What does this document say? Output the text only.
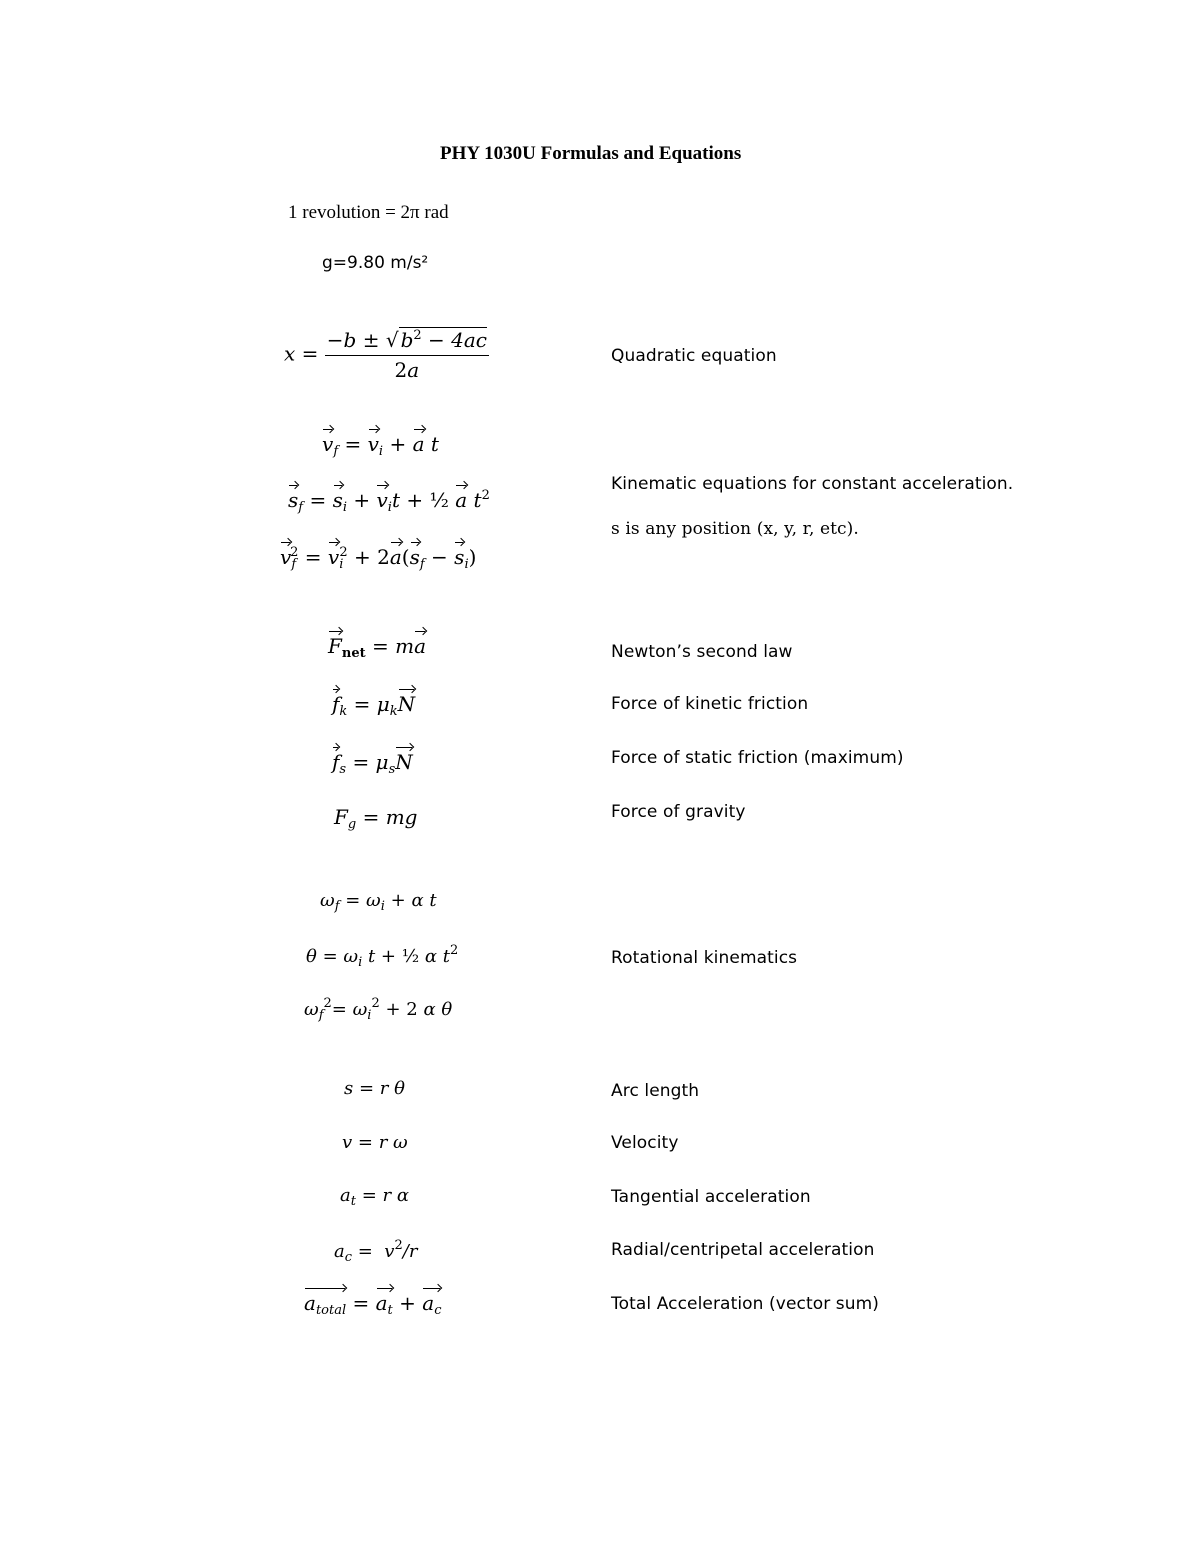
PHY 1030U Formulas and Equations
1 revolution = 2π rad
g=9.80 m/s²
$x = \frac{-b \pm √ b^2 - 4ac}{2a}$	Quadratic equation
$v_f = v_i + a$ t
$s_f = s_i + v_it$ + ½ a $t^2$
$v_f^2 = v_i^2 + 2a(s_f - s_i)$
Kinematic equations for constant acceleration.
s is any position (x, y, r, etc).
$F_{net}$ = ma	Newton’s second law
$f_k = \mu_kN$	Force of kinetic friction
$f_s = \mu_sN$	Force of static friction (maximum)
$F_g$ = mg	Force of gravity
$\omega_f = \omega_i + \alpha$ t
$\theta = \omega_i$ t + ½ α $t^2$
$\omega_f^2= \omega_i^2 + 2$ α θ
Rotational kinematics
s = r θ	Arc length
v = r ω	Velocity
$a_t = r$ α	Tangential acceleration
$a_c = v^2/r$	Radial/centripetal acceleration
$a_{total} = a_t + a_c$	Total Acceleration (vector sum)
